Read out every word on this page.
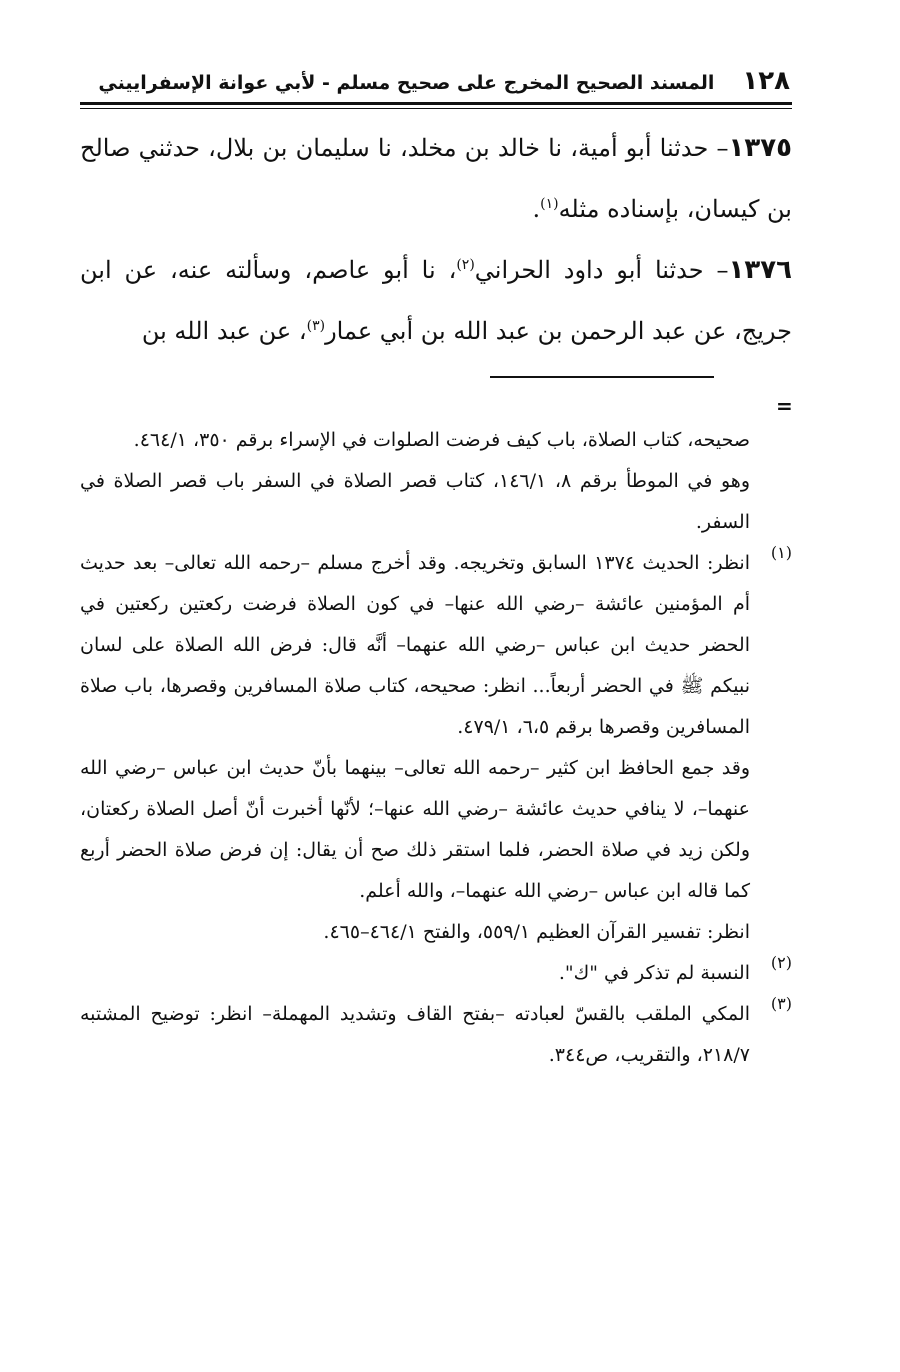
١٢٨
المسند الصحيح المخرج على صحيح مسلم - لأبي عوانة الإسفراييني

١٣٧٥– حدثنا أبو أمية، نا خالد بن مخلد، نا سليمان بن بلال، حدثني صالح بن كيسان، بإسناده مثله$^{(١)}$.

١٣٧٦– حدثنا أبو داود الحراني$^{(٢)}$، نا أبو عاصم، وسألته عنه، عن ابن جريج، عن عبد الرحمن بن عبد الله بن أبي عمار$^{(٣)}$، عن عبد الله بن

=

صحيحه، كتاب الصلاة، باب كيف فرضت الصلوات في الإسراء برقم ٣٥٠، ٤٦٤/١.

وهو في الموطأ برقم ٨، ١٤٦/١، كتاب قصر الصلاة في السفر باب قصر الصلاة في السفر.

(١)

انظر: الحديث ١٣٧٤ السابق وتخريجه. وقد أخرج مسلم –رحمه الله تعالى– بعد حديث أم المؤمنين عائشة –رضي الله عنها– في كون الصلاة فرضت ركعتين ركعتين في الحضر حديث ابن عباس –رضي الله عنهما– أنَّه قال: فرض الله الصلاة على لسان نبيكم ﷺ في الحضر أربعاً... انظر: صحيحه، كتاب صلاة المسافرين وقصرها، باب صلاة المسافرين وقصرها برقم ٦،٥، ٤٧٩/١.

وقد جمع الحافظ ابن كثير –رحمه الله تعالى– بينهما بأنّ حديث ابن عباس –رضي الله عنهما–، لا ينافي حديث عائشة –رضي الله عنها–؛ لأنّها أخبرت أنّ أصل الصلاة ركعتان، ولكن زيد في صلاة الحضر، فلما استقر ذلك صح أن يقال: إن فرض صلاة الحضر أربع كما قاله ابن عباس –رضي الله عنهما–، والله أعلم.

انظر: تفسير القرآن العظيم ٥٥٩/١، والفتح ٤٦٤/١–٤٦٥.

(٢)

النسبة لم تذكر في "ك".

(٣)

المكي الملقب بالقسّ لعبادته –بفتح القاف وتشديد المهملة– انظر: توضيح المشتبه ٢١٨/٧، والتقريب، ص٣٤٤.
